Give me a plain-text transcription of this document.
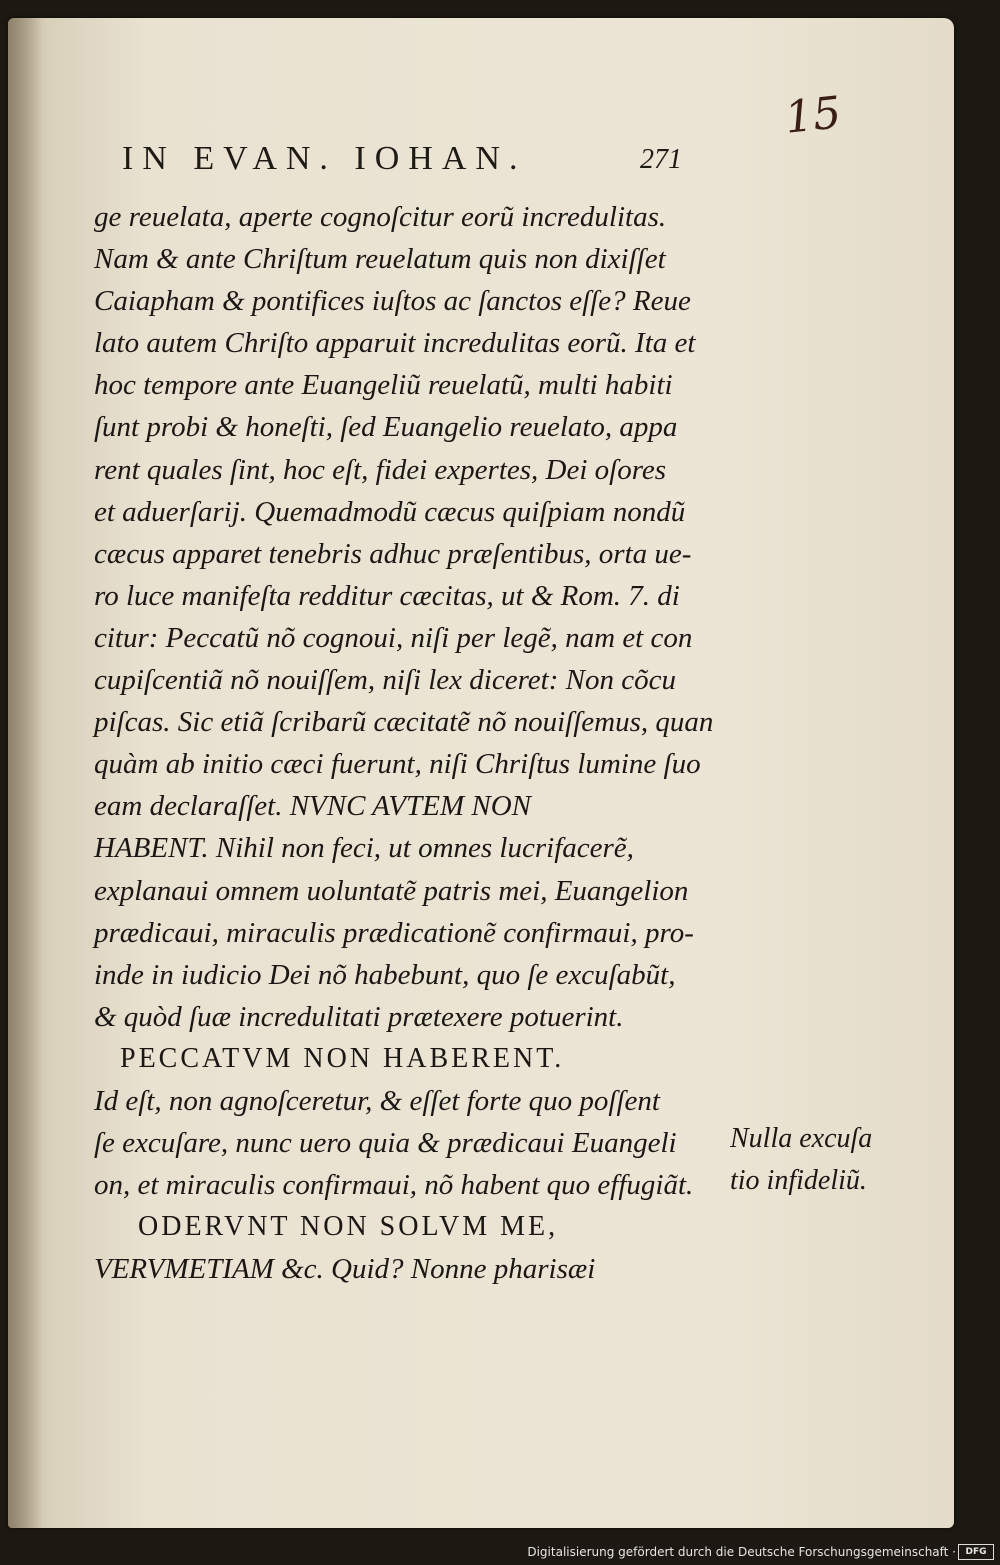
15
IN EVAN. IOHAN.	271
ge reuelata, aperte cognoſcitur eorũ incredulitas.
Nam & ante Chriſtum reuelatum quis non dixiſſet
Caiapham & pontifices iuſtos ac ſanctos eſſe? Reue
lato autem Chriſto apparuit incredulitas eorũ. Ita et
hoc tempore ante Euangeliũ reuelatũ, multi habiti
ſunt probi & honeſti, ſed Euangelio reuelato, appa
rent quales ſint, hoc eſt, fidei expertes, Dei oſores
et aduerſarij. Quemadmodũ cæcus quiſpiam nondũ
cæcus apparet tenebris adhuc præſentibus, orta ue-
ro luce manifeſta redditur cæcitas, ut & Rom. 7. di
citur: Peccatũ nõ cognoui, niſi per legẽ, nam et con
cupiſcentiã nõ nouiſſem, niſi lex diceret: Non cõcu
piſcas. Sic etiã ſcribarũ cæcitatẽ nõ nouiſſemus, quan
quàm ab initio cæci fuerunt, niſi Chriſtus lumine ſuo
eam declaraſſet. NVNC AVTEM NON
HABENT. Nihil non feci, ut omnes lucrifacerẽ,
explanaui omnem uoluntatẽ patris mei, Euangelion
prædicaui, miraculis prædicationẽ confirmaui, pro-
inde in iudicio Dei nõ habebunt, quo ſe excuſabũt,
& quòd ſuæ incredulitati prætexere potuerint.
PECCATVM NON HABERENT.
Id eſt, non agnoſceretur, & eſſet forte quo poſſent
ſe excuſare, nunc uero quia & prædicaui Euangeli
on, et miraculis confirmaui, nõ habent quo effugiãt.
ODERVNT NON SOLVM ME,
VERVMETIAM &c. Quid? Nonne pharisæi
Nulla excuſa
tio infideliũ.
Digitalisierung gefördert durch die Deutsche Forschungsgemeinschaft ·	DFG
